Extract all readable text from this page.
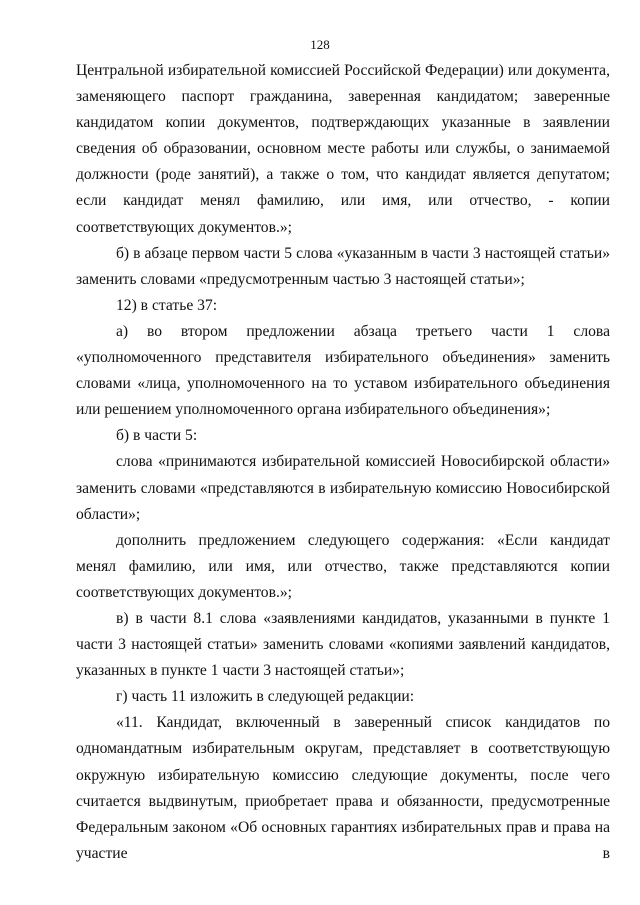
128

Центральной избирательной комиссией Российской Федерации) или документа, заменяющего паспорт гражданина, заверенная кандидатом; заверенные кандидатом копии документов, подтверждающих указанные в заявлении сведения об образовании, основном месте работы или службы, о занимаемой должности (роде занятий), а также о том, что кандидат является депутатом; если кандидат менял фамилию, или имя, или отчество, - копии соответствующих документов.»;

б) в абзаце первом части 5 слова «указанным в части 3 настоящей статьи» заменить словами «предусмотренным частью 3 настоящей статьи»;

12) в статье 37:

а) во втором предложении абзаца третьего части 1 слова «уполномоченного представителя избирательного объединения» заменить словами «лица, уполномоченного на то уставом избирательного объединения или решением уполномоченного органа избирательного объединения»;

б) в части 5:

слова «принимаются избирательной комиссией Новосибирской области» заменить словами «представляются в избирательную комиссию Новосибирской области»;

дополнить предложением следующего содержания: «Если кандидат менял фамилию, или имя, или отчество, также представляются копии соответствующих документов.»;

в) в части 8.1 слова «заявлениями кандидатов, указанными в пункте 1 части 3 настоящей статьи» заменить словами «копиями заявлений кандидатов, указанных в пункте 1 части 3 настоящей статьи»;

г) часть 11 изложить в следующей редакции:

«11. Кандидат, включенный в заверенный список кандидатов по одномандатным избирательным округам, представляет в соответствующую окружную избирательную комиссию следующие документы, после чего считается выдвинутым, приобретает права и обязанности, предусмотренные Федеральным законом «Об основных гарантиях избирательных прав и права на участие в
